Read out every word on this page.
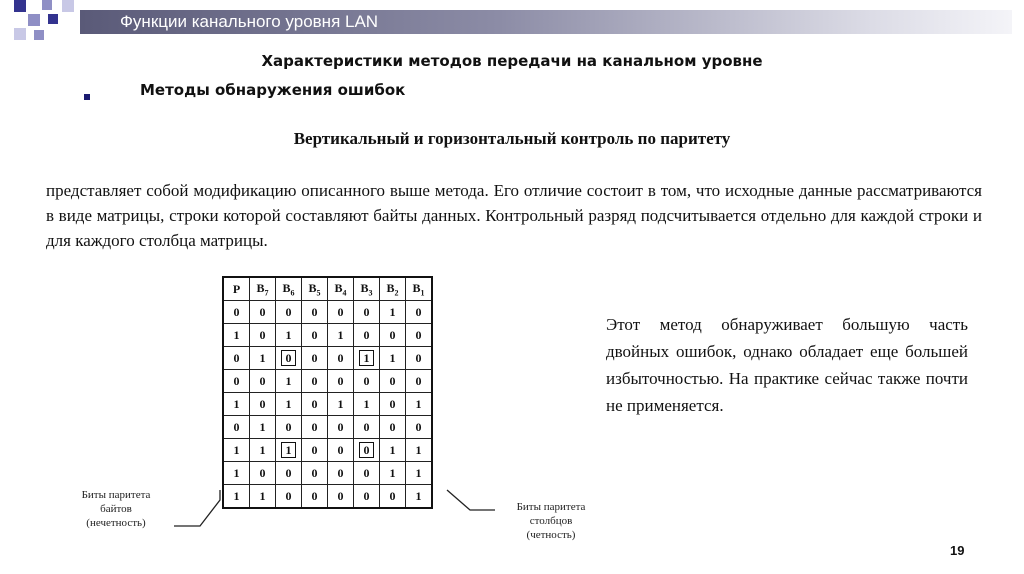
Функции канального уровня LAN
Характеристики методов передачи на канальном уровне
Методы обнаружения ошибок
Вертикальный и горизонтальный контроль по паритету
представляет собой модификацию описанного выше метода. Его отличие состоит в том, что исходные данные рассматриваются в виде матрицы, строки которой составляют байты данных. Контрольный разряд подсчитывается отдельно для каждой строки и для каждого столбца матрицы.
P	$B_7$	$B_6$	$B_5$	$B_4$	$B_3$	$B_2$	$B_1$
0	0	0	0	0	0	1	0
1	0	1	0	1	0	0	0
0	1	0	0	0	1	1	0
0	0	1	0	0	0	0	0
1	0	1	0	1	1	0	1
0	1	0	0	0	0	0	0
1	1	1	0	0	0	1	1
1	0	0	0	0	0	1	1
1	1	0	0	0	0	0	1
Этот метод обнаруживает большую часть двойных ошибок, однако обладает еще большей избыточностью. На практике сейчас также почти не применяется.
Биты паритета
байтов
(нечетность)
Биты паритета
столбцов
(четность)
19
